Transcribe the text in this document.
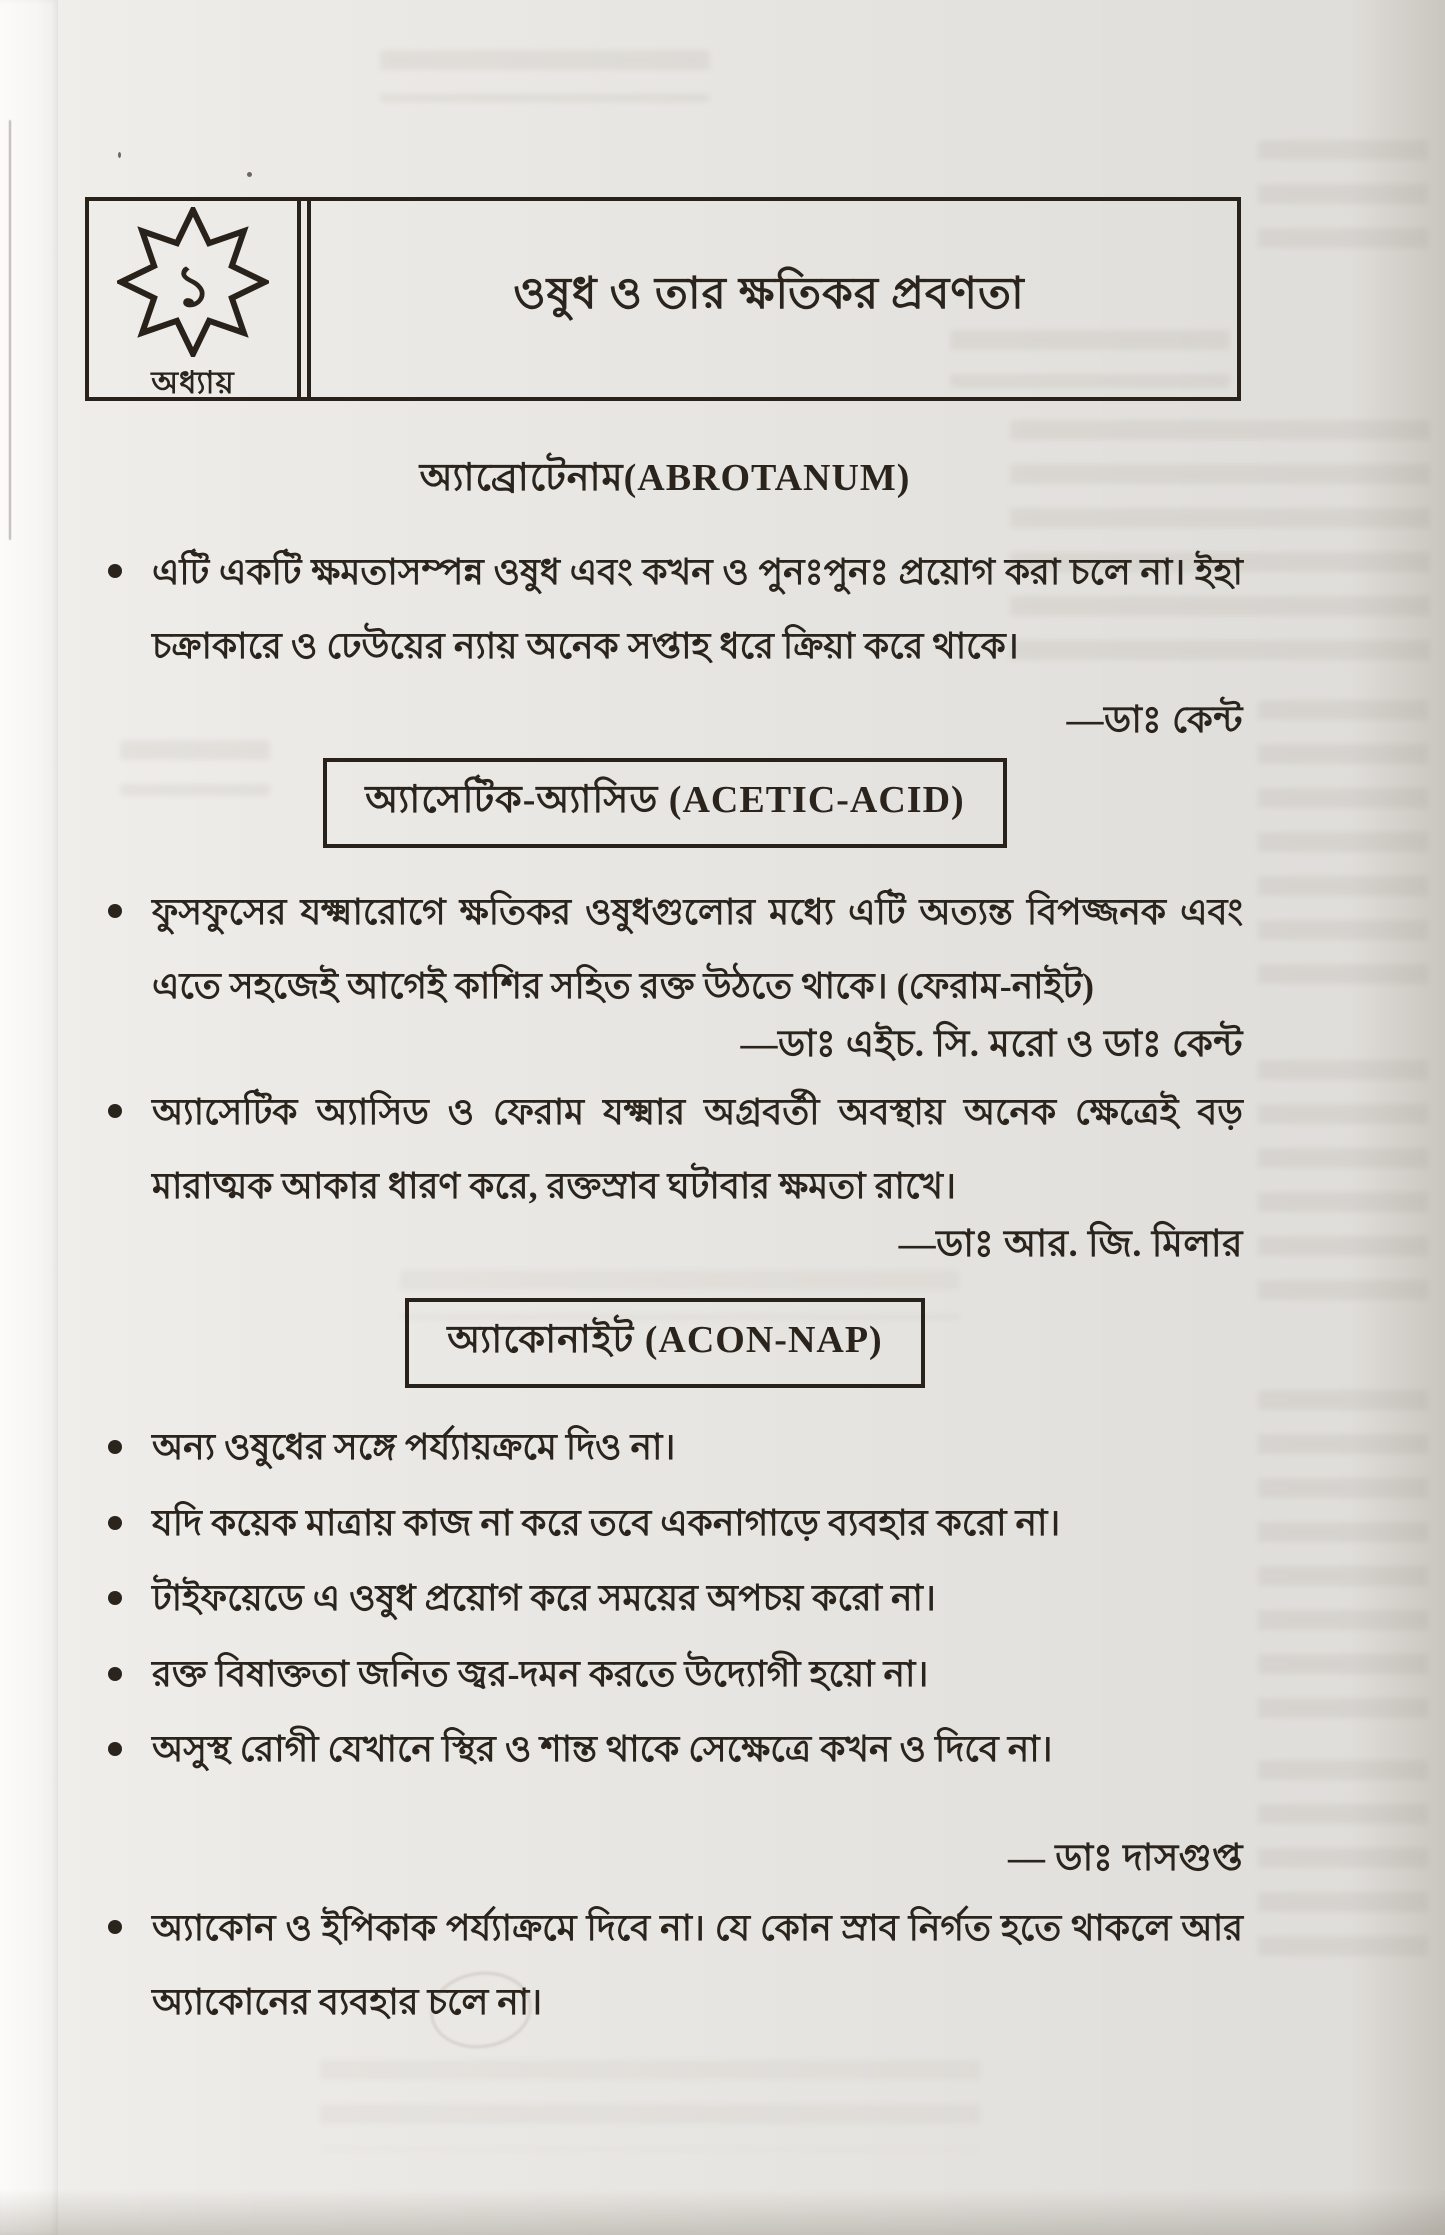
১
অধ্যায়
ওষুধ ও তার ক্ষতিকর প্রবণতা
অ্যাব্রোটেনাম(ABROTANUM)
এটি একটি ক্ষমতাসম্পন্ন ওষুধ এবং কখন ও পুনঃপুনঃ প্রয়োগ করা চলে না। ইহা চক্রাকারে ও ঢেউয়ের ন্যায় অনেক সপ্তাহ ধরে ক্রিয়া করে থাকে।
—ডাঃ কেন্ট
অ্যাসেটিক-অ্যাসিড (ACETIC-ACID)
ফুসফুসের যক্ষ্মারোগে ক্ষতিকর ওষুধগুলোর মধ্যে এটি অত্যন্ত বিপজ্জনক এবং এতে সহজেই আগেই কাশির সহিত রক্ত উঠতে থাকে। (ফেরাম-নাইট)
—ডাঃ এইচ. সি. মরো ও ডাঃ কেন্ট
অ্যাসেটিক অ্যাসিড ও ফেরাম যক্ষ্মার অগ্রবর্তী অবস্থায় অনেক ক্ষেত্রেই বড় মারাত্মক আকার ধারণ করে, রক্তস্রাব ঘটাবার ক্ষমতা রাখে।
—ডাঃ আর. জি. মিলার
অ্যাকোনাইট (ACON-NAP)
অন্য ওষুধের সঙ্গে পর্য্যায়ক্রমে দিও না।
যদি কয়েক মাত্রায় কাজ না করে তবে একনাগাড়ে ব্যবহার করো না।
টাইফয়েডে এ ওষুধ প্রয়োগ করে সময়ের অপচয় করো না।
রক্ত বিষাক্ততা জনিত জ্বর-দমন করতে উদ্যোগী হয়ো না।
অসুস্থ রোগী যেখানে স্থির ও শান্ত থাকে সেক্ষেত্রে কখন ও দিবে না।
— ডাঃ দাসগুপ্ত
অ্যাকোন ও ইপিকাক পর্য্যাক্রমে দিবে না। যে কোন স্রাব নির্গত হতে থাকলে আর অ্যাকোনের ব্যবহার চলে না।
